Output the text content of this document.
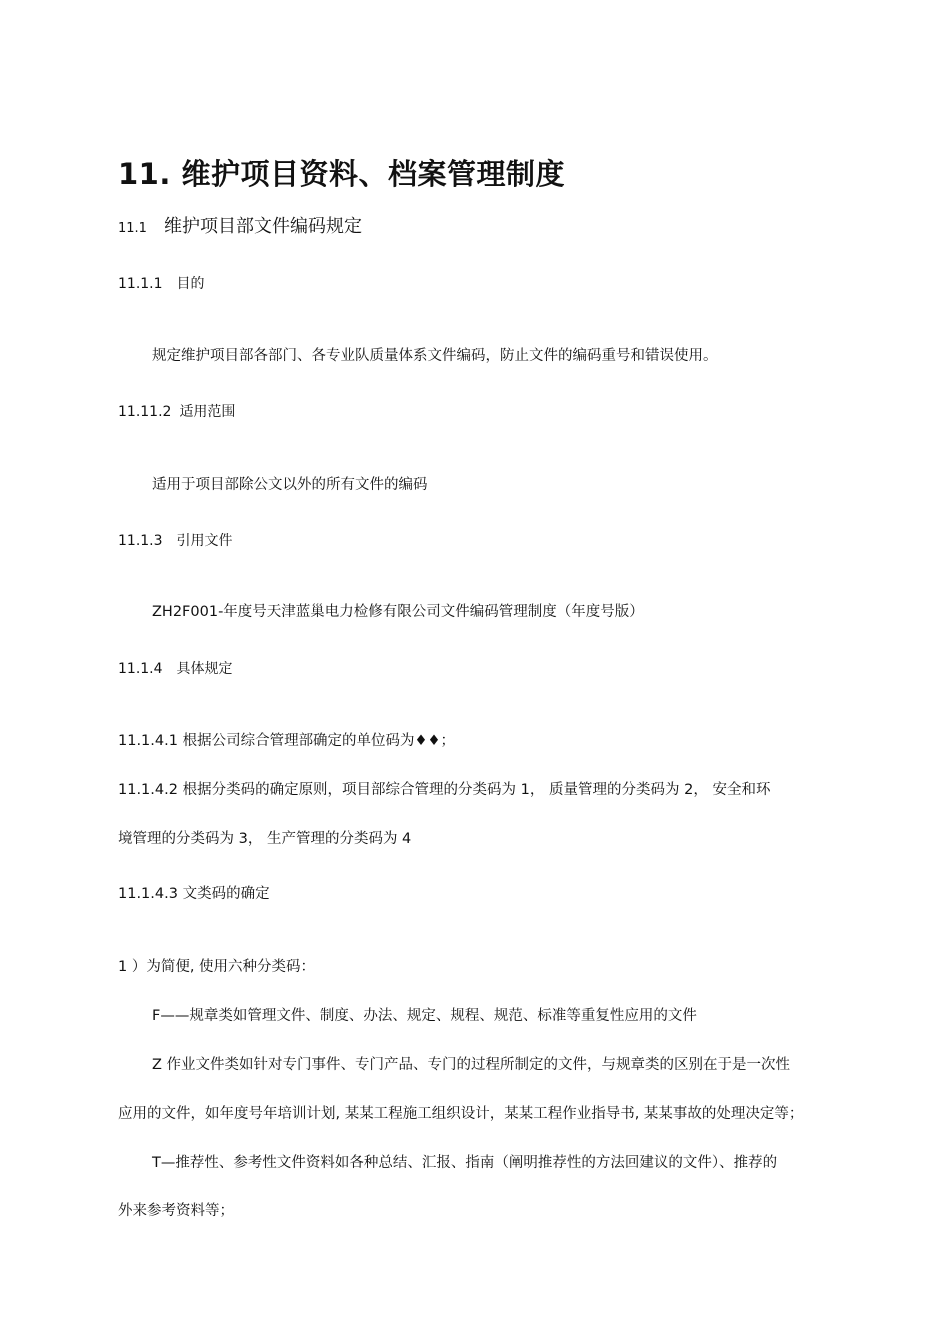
11. 维护项目资料、档案管理制度
11.1 维护项目部文件编码规定
11.1.1 目的
规定维护项目部各部门、各专业队质量体系文件编码，防止文件的编码重号和错误使用。
11.11.2 适用范围
适用于项目部除公文以外的所有文件的编码
11.1.3 引用文件
ZH2F001-年度号天津蓝巢电力检修有限公司文件编码管理制度（年度号版）
11.1.4 具体规定
11.1.4.1 根据公司综合管理部确定的单位码为♦♦；
11.1.4.2 根据分类码的确定原则，项目部综合管理的分类码为 1， 质量管理的分类码为 2， 安全和环
境管理的分类码为 3， 生产管理的分类码为 4
11.1.4.3 文类码的确定
1 ）为简便, 使用六种分类码：
F——规章类如管理文件、制度、办法、规定、规程、规范、标准等重复性应用的文件
Z 作业文件类如针对专门事件、专门产品、专门的过程所制定的文件，与规章类的区别在于是一次性
应用的文件，如年度号年培训计划, 某某工程施工组织设计，某某工程作业指导书, 某某事故的处理决定等；
T—推荐性、参考性文件资料如各种总结、汇报、指南（阐明推荐性的方法回建议的文件）、推荐的
外来参考资料等；
